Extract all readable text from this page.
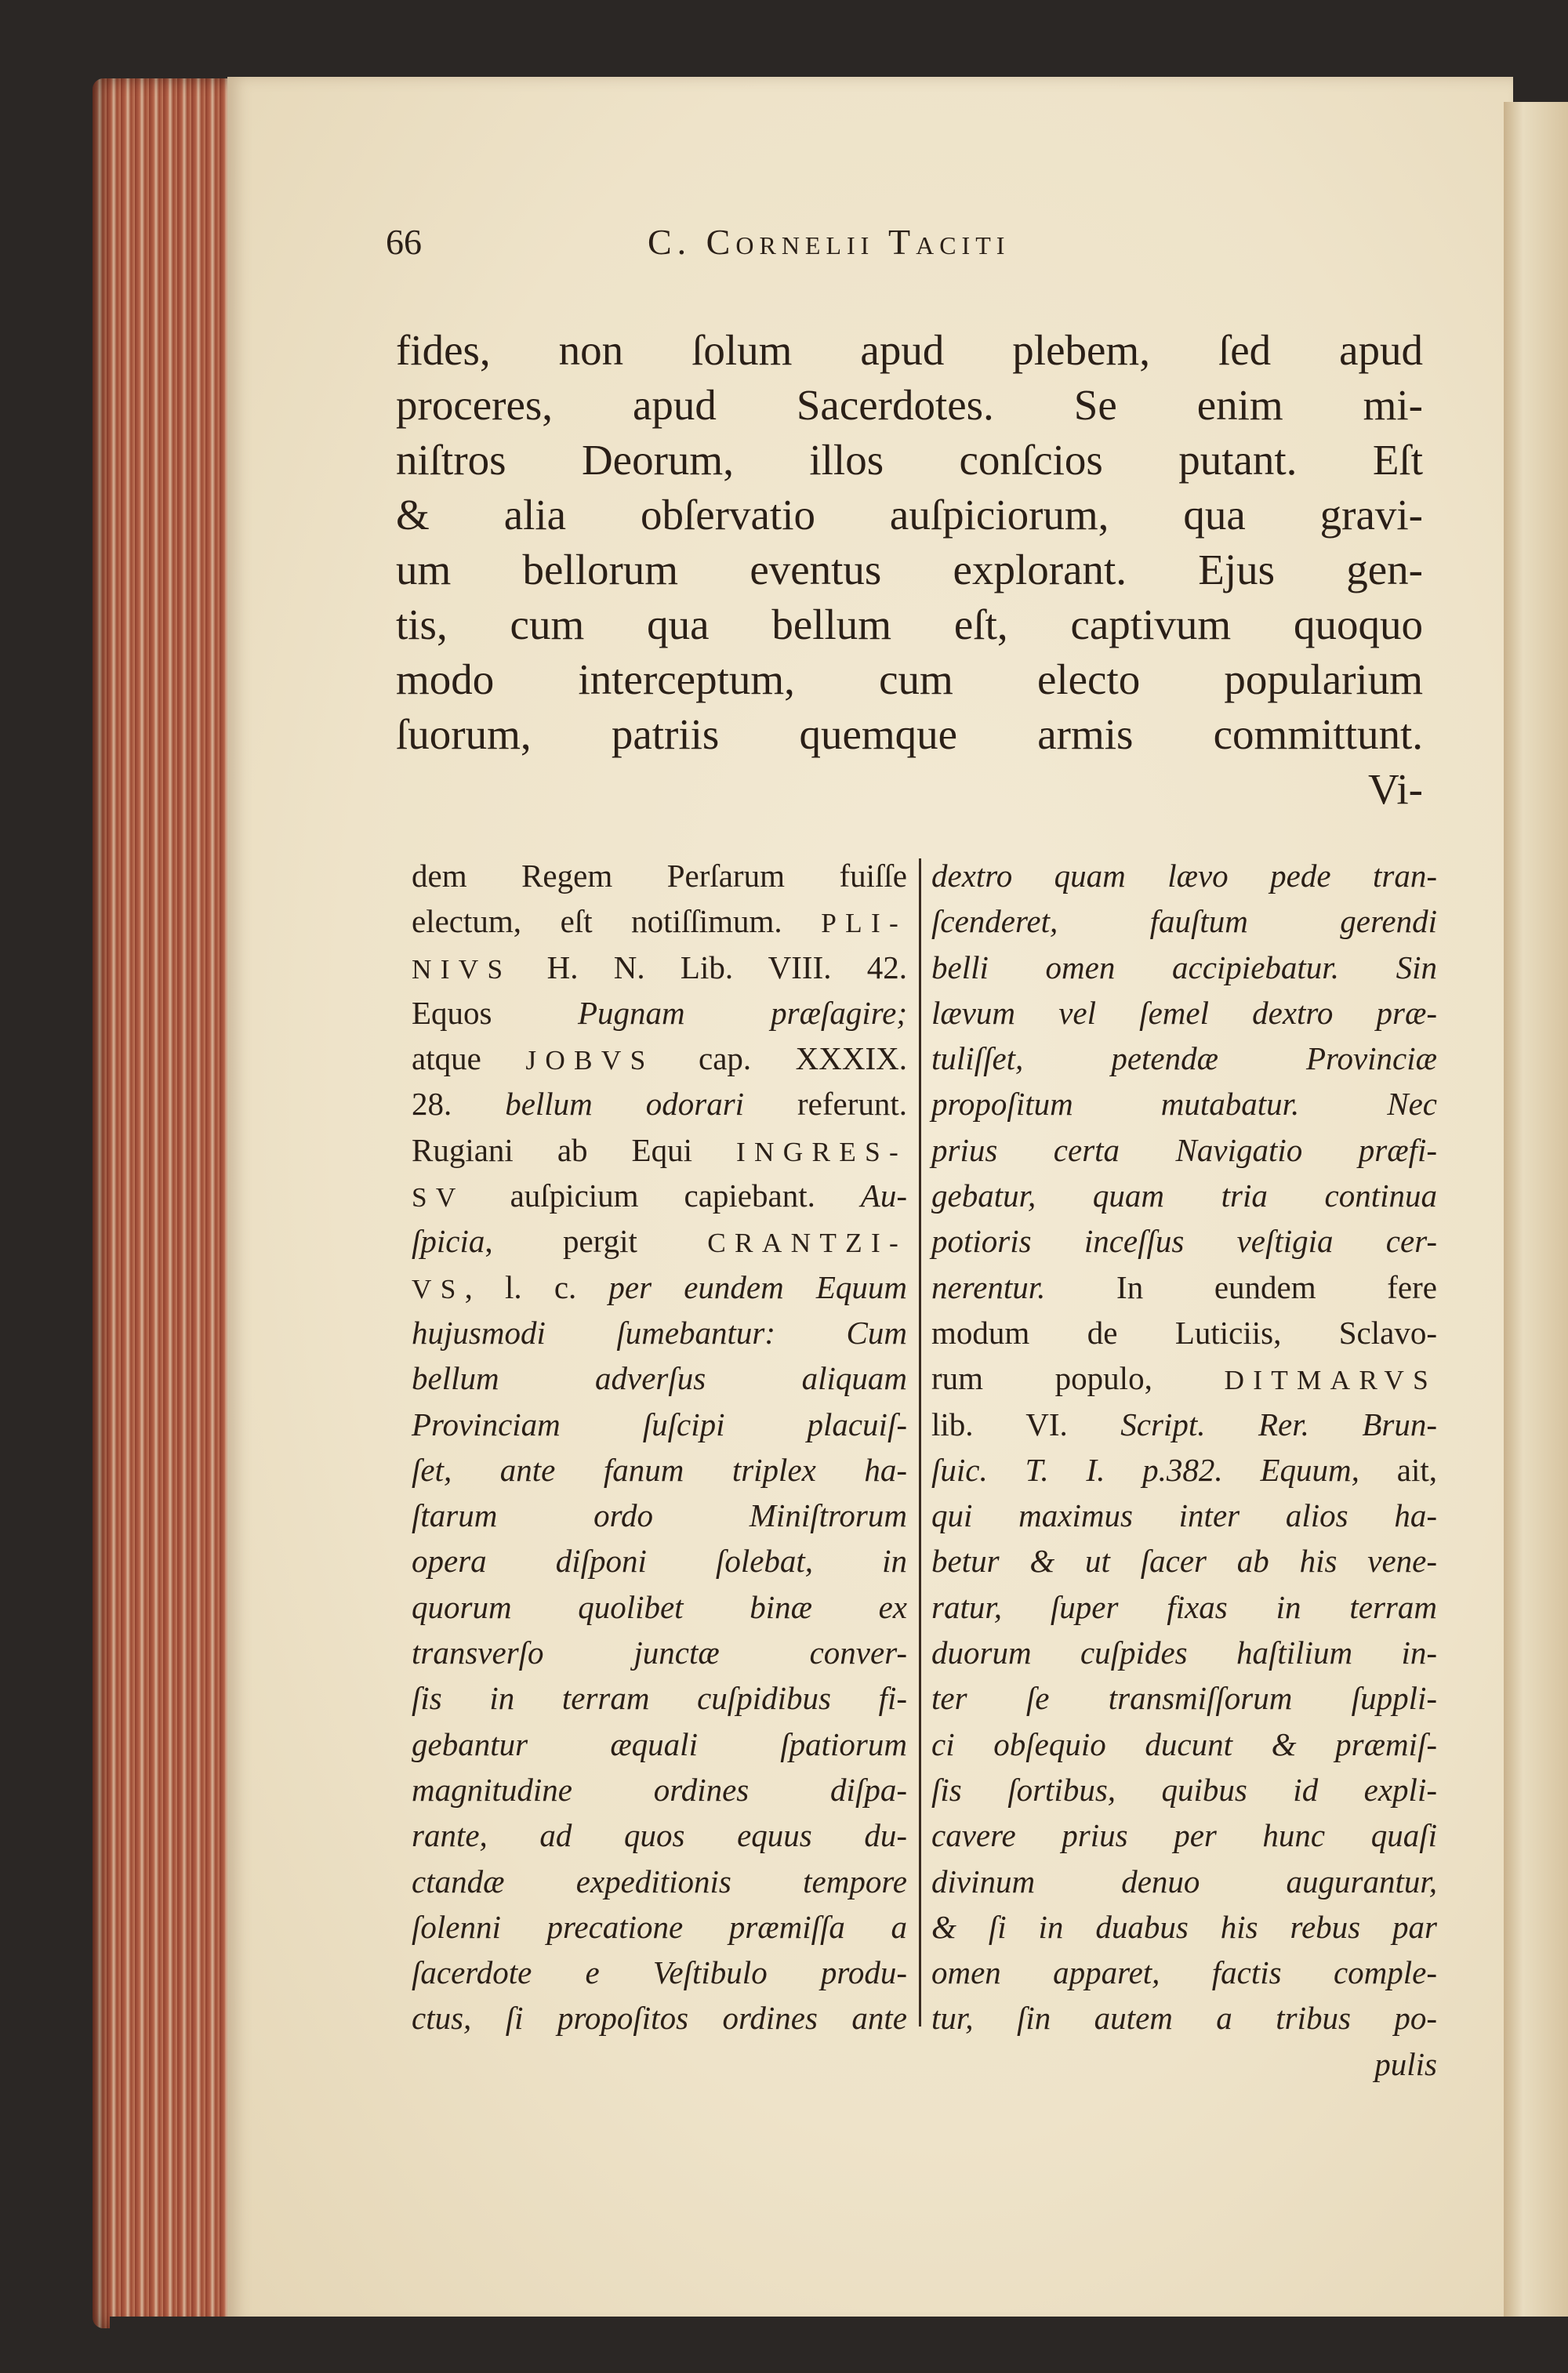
66	C. Cornelii Taciti
fides, non ſolum apud plebem, ſed apud
proceres, apud Sacerdotes. Se enim mi-
niſtros Deorum, illos conſcios putant. Eſt
& alia obſervatio auſpiciorum, qua gravi-
um bellorum eventus explorant. Ejus gen-
tis, cum qua bellum eſt, captivum quoquo
modo interceptum, cum electo popularium
ſuorum, patriis quemque armis committunt.
Vi-
dem Regem Perſarum fuiſſe
electum, eſt notiſſimum. PLI-
NIVS H. N. Lib. VIII. 42.
Equos Pugnam præſagire;
atque JOBVS cap. XXXIX.
28. bellum odorari referunt.
Rugiani ab Equi INGRES-
SV auſpicium capiebant. Au-
ſpicia, pergit CRANTZI-
VS, l. c. per eundem Equum
hujusmodi ſumebantur: Cum
bellum adverſus aliquam
Provinciam ſuſcipi placuiſ-
ſet, ante fanum triplex ha-
ſtarum ordo Miniſtrorum
opera diſponi ſolebat, in
quorum quolibet binæ ex
transverſo junctæ conver-
ſis in terram cuſpidibus fi-
gebantur æquali ſpatiorum
magnitudine ordines diſpa-
rante, ad quos equus du-
ctandæ expeditionis tempore
ſolenni precatione præmiſſa a
ſacerdote e Veſtibulo produ-
ctus, ſi propoſitos ordines ante
dextro quam lævo pede tran-
ſcenderet, fauſtum gerendi
belli omen accipiebatur. Sin
lævum vel ſemel dextro præ-
tuliſſet, petendæ Provinciæ
propoſitum mutabatur. Nec
prius certa Navigatio præfi-
gebatur, quam tria continua
potioris inceſſus veſtigia cer-
nerentur. In eundem fere
modum de Luticiis, Sclavo-
rum populo, DITMARVS
lib. VI. Script. Rer. Brun-
ſuic. T. I. p.382. Equum, ait,
qui maximus inter alios ha-
betur & ut ſacer ab his vene-
ratur, ſuper fixas in terram
duorum cuſpides haſtilium in-
ter ſe transmiſſorum ſuppli-
ci obſequio ducunt & præmiſ-
ſis ſortibus, quibus id expli-
cavere prius per hunc quaſi
divinum denuo augurantur,
& ſi in duabus his rebus par
omen apparet, factis comple-
tur, ſin autem a tribus po-
pulis
